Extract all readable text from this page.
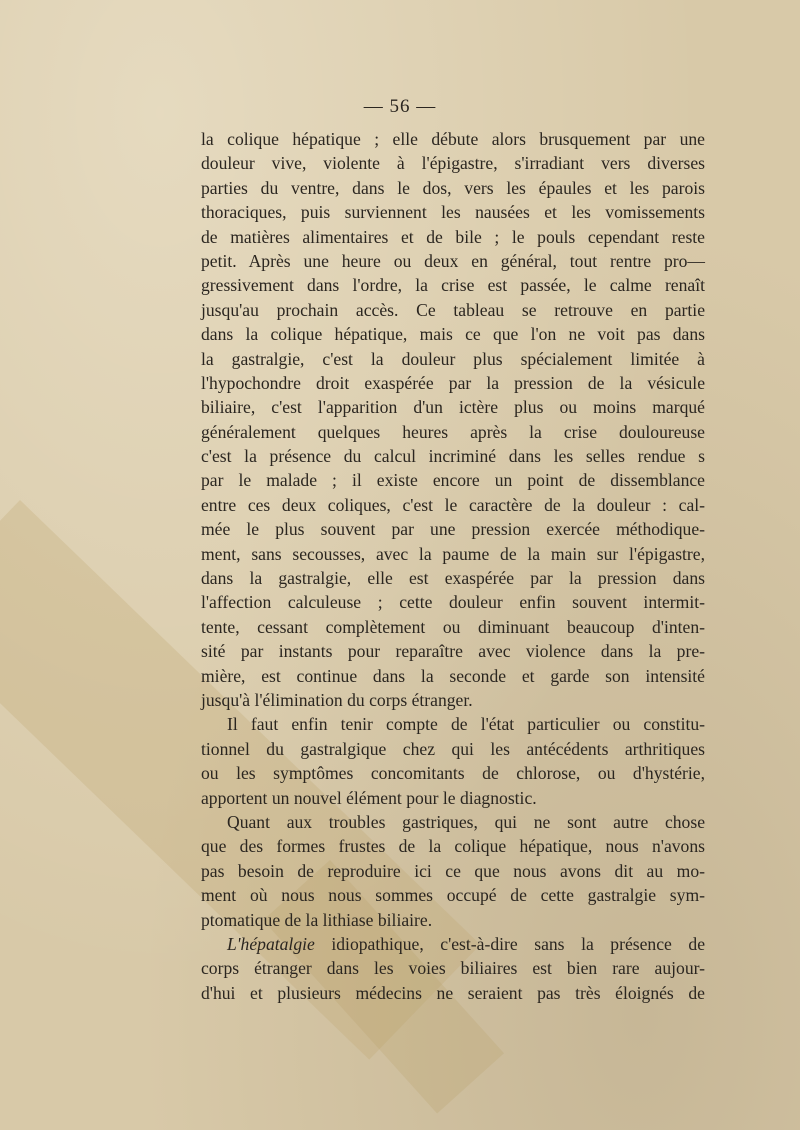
— 56 —
la colique hépatique ; elle débute alors brusquement par une
douleur vive, violente à l'épigastre, s'irradiant vers diverses
parties du ventre, dans le dos, vers les épaules et les parois
thoraciques, puis surviennent les nausées et les vomissements
de matières alimentaires et de bile ; le pouls cependant reste
petit. Après une heure ou deux en général, tout rentre pro—
gressivement dans l'ordre, la crise est passée, le calme renaît
jusqu'au prochain accès. Ce tableau se retrouve en partie
dans la colique hépatique, mais ce que l'on ne voit pas dans
la gastralgie, c'est la douleur plus spécialement limitée à
l'hypochondre droit exaspérée par la pression de la vésicule
biliaire, c'est l'apparition d'un ictère plus ou moins marqué
généralement quelques heures après la crise douloureuse
c'est la présence du calcul incriminé dans les selles rendue s
par le malade ; il existe encore un point de dissemblance
entre ces deux coliques, c'est le caractère de la douleur : cal-
mée le plus souvent par une pression exercée méthodique-
ment, sans secousses, avec la paume de la main sur l'épigastre,
dans la gastralgie, elle est exaspérée par la pression dans
l'affection calculeuse ; cette douleur enfin souvent intermit-
tente, cessant complètement ou diminuant beaucoup d'inten-
sité par instants pour reparaître avec violence dans la pre-
mière, est continue dans la seconde et garde son intensité
jusqu'à l'élimination du corps étranger.
Il faut enfin tenir compte de l'état particulier ou constitu-
tionnel du gastralgique chez qui les antécédents arthritiques
ou les symptômes concomitants de chlorose, ou d'hystérie,
apportent un nouvel élément pour le diagnostic.
Quant aux troubles gastriques, qui ne sont autre chose
que des formes frustes de la colique hépatique, nous n'avons
pas besoin de reproduire ici ce que nous avons dit au mo-
ment où nous nous sommes occupé de cette gastralgie sym-
ptomatique de la lithiase biliaire.
L'hépatalgie idiopathique, c'est-à-dire sans la présence de
corps étranger dans les voies biliaires est bien rare aujour-
d'hui et plusieurs médecins ne seraient pas très éloignés de
